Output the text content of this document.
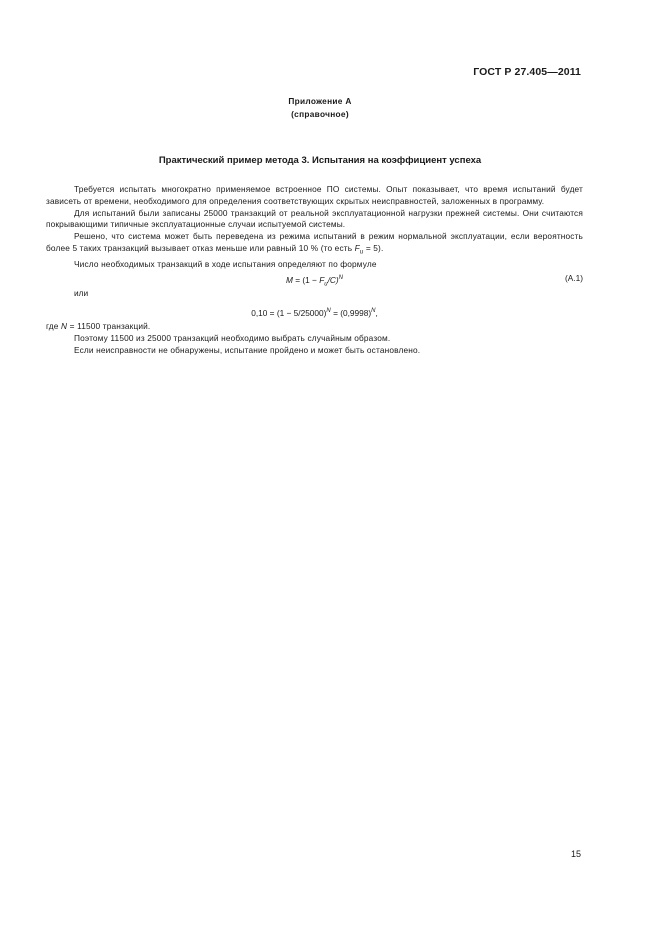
ГОСТ Р 27.405—2011
Приложение А
(справочное)
Практический пример метода 3. Испытания на коэффициент успеха

Требуется испытать многократно применяемое встроенное ПО системы. Опыт показывает, что время испытаний будет зависеть от времени, необходимого для определения соответствующих скрытых неисправностей, заложенных в программу.

Для испытаний были записаны 25000 транзакций от реальной эксплуатационной нагрузки прежней системы. Они считаются покрывающими типичные эксплуатационные случаи испытуемой системы.

Решено, что система может быть переведена из режима испытаний в режим нормальной эксплуатации, если вероятность более 5 таких транзакций вызывает отказ меньше или равный 10 % (то есть $F_u = 5$).

Число необходимых транзакций в ходе испытания определяют по формуле

$M = (1 - F_u/C)^N$	(А.1)
или
$0,10 = (1 - 5/25000)^N = (0,9998)^N$,

где N = 11500 транзакций.

Поэтому 11500 из 25000 транзакций необходимо выбрать случайным образом.

Если неисправности не обнаружены, испытание пройдено и может быть остановлено.

15
